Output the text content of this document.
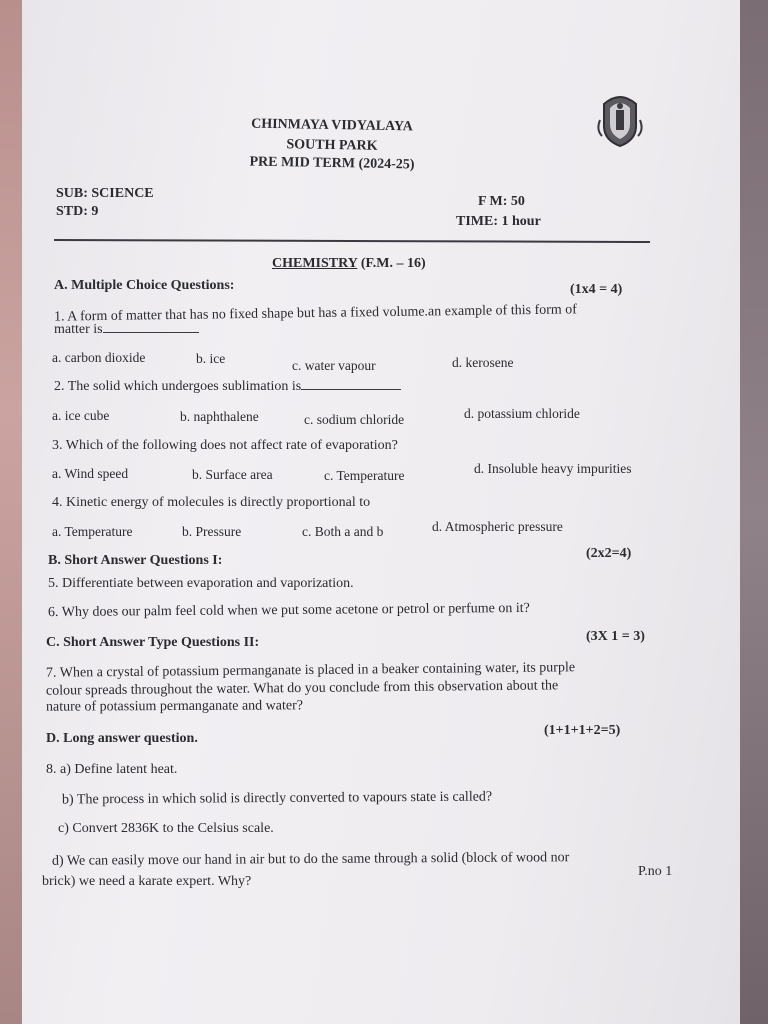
CHINMAYA VIDYALAYA
SOUTH PARK
PRE MID TERM (2024-25)
SUB: SCIENCE
STD: 9
F M: 50
TIME: 1 hour
CHEMISTRY (F.M. – 16)
A. Multiple Choice Questions:	(1x4 = 4)
1. A form of matter that has no fixed shape but has a fixed volume.an example of this form of
matter is
a. carbon dioxide	b. ice	c. water vapour	d. kerosene
2. The solid which undergoes sublimation is
a. ice cube	b. naphthalene	c. sodium chloride	d. potassium chloride
3. Which of the following does not affect rate of evaporation?
a. Wind speed	b. Surface area	c. Temperature	d. Insoluble heavy impurities
4. Kinetic energy of molecules is directly proportional to
a. Temperature	b. Pressure	c. Both a and b	d. Atmospheric pressure
B. Short Answer Questions I:	(2x2=4)
5. Differentiate between evaporation and vaporization.
6. Why does our palm feel cold when we put some acetone or petrol or perfume on it?
C. Short Answer Type Questions II:	(3X 1 = 3)
7. When a crystal of potassium permanganate is placed in a beaker containing water, its purple
colour spreads throughout the water. What do you conclude from this observation about the
nature of potassium permanganate and water?
D. Long answer question.
(1+1+1+2=5)
8. a) Define latent heat.
b) The process in which solid is directly converted to vapours state is called?
c) Convert 2836K to the Celsius scale.
d) We can easily move our hand in air but to do the same through a solid (block of wood nor
brick) we need a karate expert. Why?
P.no 1
